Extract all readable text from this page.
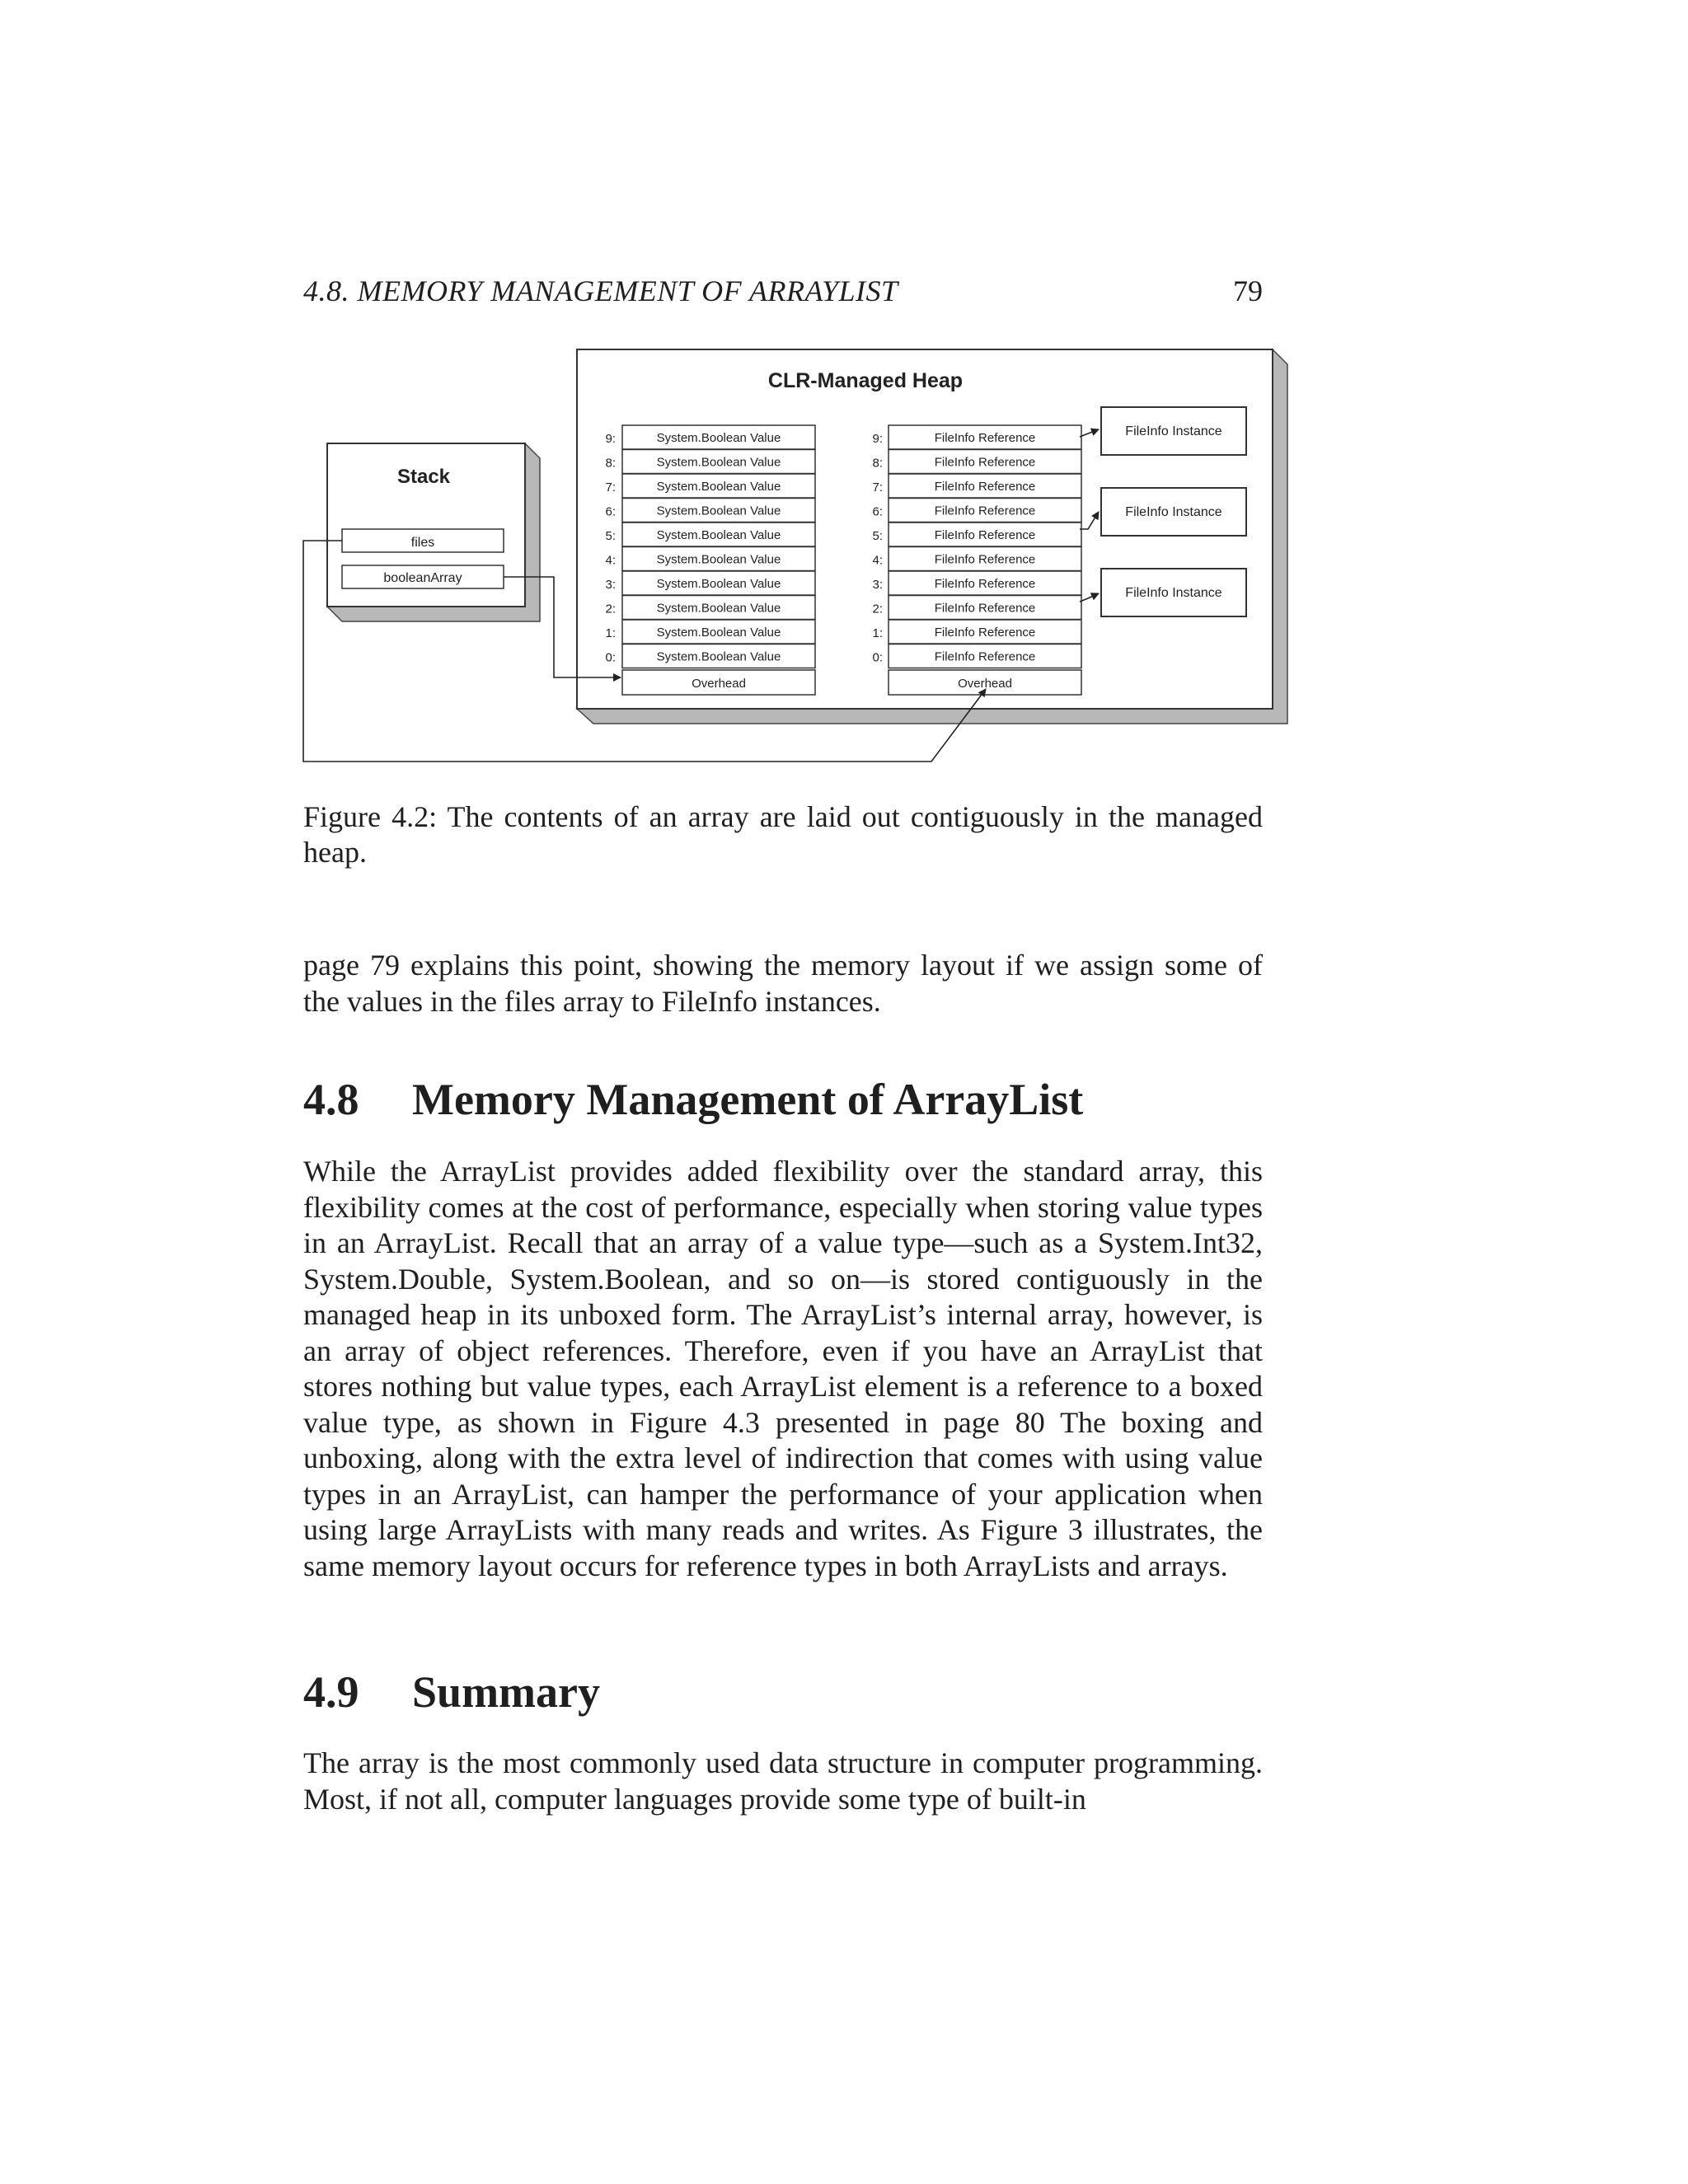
4.8. MEMORY MANAGEMENT OF ARRAYLIST	79
CLR-Managed Heap
Stack
files
booleanArray
9:	System.Boolean Value
8:	System.Boolean Value
7:	System.Boolean Value
6:	System.Boolean Value
5:	System.Boolean Value
4:	System.Boolean Value
3:	System.Boolean Value
2:	System.Boolean Value
1:	System.Boolean Value
0:	System.Boolean Value
Overhead
9:	FileInfo Reference
8:	FileInfo Reference
7:	FileInfo Reference
6:	FileInfo Reference
5:	FileInfo Reference
4:	FileInfo Reference
3:	FileInfo Reference
2:	FileInfo Reference
1:	FileInfo Reference
0:	FileInfo Reference
Overhead
FileInfo Instance
FileInfo Instance
FileInfo Instance
Figure 4.2: The contents of an array are laid out contiguously in the managed heap.

page 79 explains this point, showing the memory layout if we assign some of the values in the files array to FileInfo instances.

4.8 Memory Management of ArrayList

While the ArrayList provides added flexibility over the standard array, this flexibility comes at the cost of performance, especially when storing value types in an ArrayList. Recall that an array of a value type—such as a System.Int32, System.Double, System.Boolean, and so on—is stored contiguously in the managed heap in its unboxed form. The ArrayList’s internal array, however, is an array of object references. Therefore, even if you have an ArrayList that stores nothing but value types, each ArrayList element is a reference to a boxed value type, as shown in Figure 4.3 presented in page 80 The boxing and unboxing, along with the extra level of indirection that comes with using value types in an ArrayList, can hamper the performance of your application when using large ArrayLists with many reads and writes. As Figure 3 illustrates, the same memory layout occurs for reference types in both ArrayLists and arrays.

4.9 Summary

The array is the most commonly used data structure in computer programming. Most, if not all, computer languages provide some type of built-in
